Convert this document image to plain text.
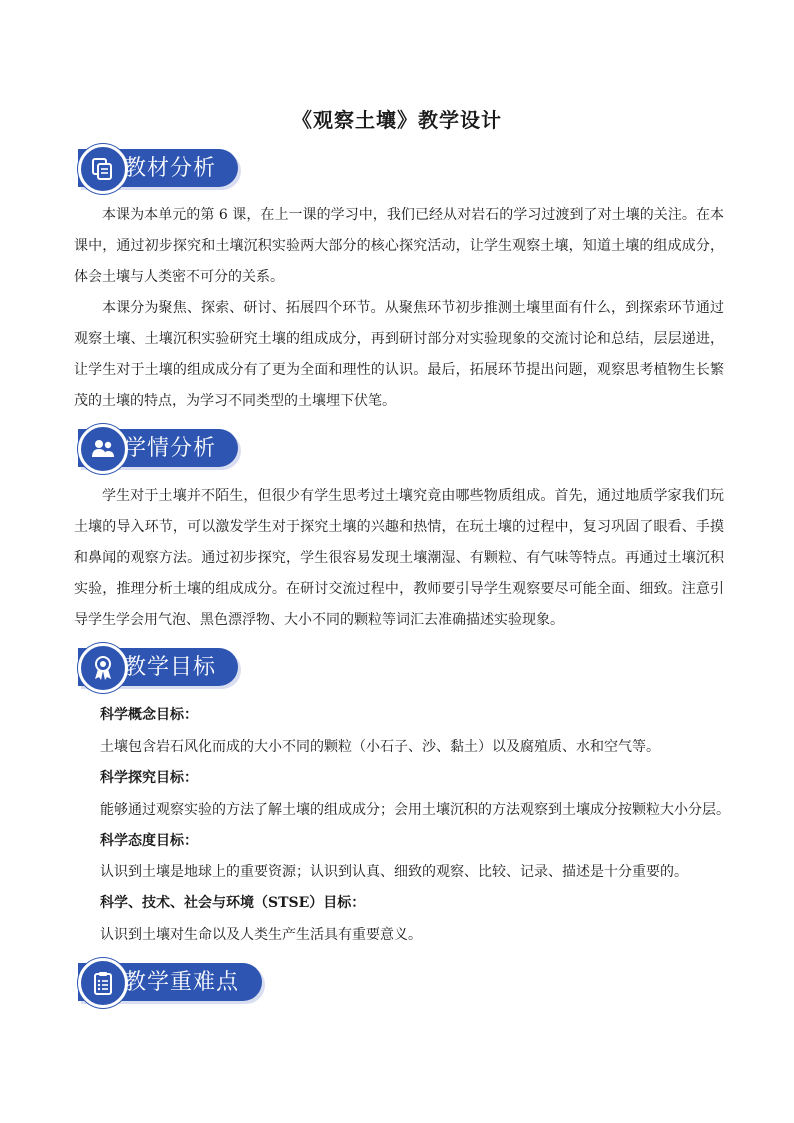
《观察土壤》教学设计
教材分析
本课为本单元的第 6 课，在上一课的学习中，我们已经从对岩石的学习过渡到了对土壤的关注。在本课中，通过初步探究和土壤沉积实验两大部分的核心探究活动，让学生观察土壤，知道土壤的组成成分，体会土壤与人类密不可分的关系。
本课分为聚焦、探索、研讨、拓展四个环节。从聚焦环节初步推测土壤里面有什么，到探索环节通过观察土壤、土壤沉积实验研究土壤的组成成分，再到研讨部分对实验现象的交流讨论和总结，层层递进，让学生对于土壤的组成成分有了更为全面和理性的认识。最后，拓展环节提出问题，观察思考植物生长繁茂的土壤的特点，为学习不同类型的土壤埋下伏笔。
学情分析
学生对于土壤并不陌生，但很少有学生思考过土壤究竟由哪些物质组成。首先，通过地质学家我们玩土壤的导入环节，可以激发学生对于探究土壤的兴趣和热情，在玩土壤的过程中，复习巩固了眼看、手摸和鼻闻的观察方法。通过初步探究，学生很容易发现土壤潮湿、有颗粒、有气味等特点。再通过土壤沉积实验，推理分析土壤的组成成分。在研讨交流过程中，教师要引导学生观察要尽可能全面、细致。注意引导学生学会用气泡、黑色漂浮物、大小不同的颗粒等词汇去准确描述实验现象。
教学目标
科学概念目标：
土壤包含岩石风化而成的大小不同的颗粒（小石子、沙、黏土）以及腐殖质、水和空气等。
科学探究目标：
能够通过观察实验的方法了解土壤的组成成分；会用土壤沉积的方法观察到土壤成分按颗粒大小分层。
科学态度目标：
认识到土壤是地球上的重要资源；认识到认真、细致的观察、比较、记录、描述是十分重要的。
科学、技术、社会与环境（STSE）目标：
认识到土壤对生命以及人类生产生活具有重要意义。
教学重难点
